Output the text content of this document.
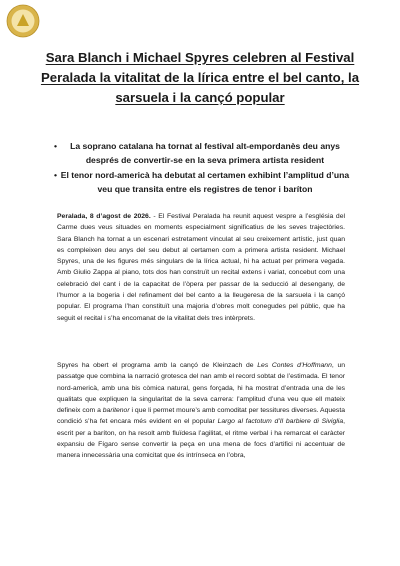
Sara Blanch i Michael Spyres celebren al Festival Peralada la vitalitat de la lírica entre el bel canto, la sarsuela i la cançó popular
• La soprano catalana ha tornat al festival alt-empordanès deu anys després de convertir-se en la seva primera artista resident
• El tenor nord-americà ha debutat al certamen exhibint l’amplitud d’una veu que transita entre els registres de tenor i baríton

Peralada, 8 d’agost de 2026. - El Festival Peralada ha reunit aquest vespre a l’església del Carme dues veus situades en moments especialment significatius de les seves trajectòries. Sara Blanch ha tornat a un escenari estretament vinculat al seu creixement artístic, just quan es compleixen deu anys del seu debut al certamen com a primera artista resident. Michael Spyres, una de les figures més singulars de la lírica actual, hi ha actuat per primera vegada. Amb Giulio Zappa al piano, tots dos han construït un recital extens i variat, concebut com una celebració del cant i de la capacitat de l’òpera per passar de la seducció al desengany, de l’humor a la bogeria i del refinament del bel canto a la lleugeresa de la sarsuela i la cançó popular. El programa l’han constituït una majoria d’obres molt conegudes pel públic, que ha seguit el recital i s’ha encomanat de la vitalitat dels tres intèrprets.

Spyres ha obert el programa amb la cançó de Kleinzach de Les Contes d’Hoffmann, un passatge que combina la narració grotesca del nan amb el record sobtat de l’estimada. El tenor nord-americà, amb una bis còmica natural, gens forçada, hi ha mostrat d’entrada una de les qualitats que expliquen la singularitat de la seva carrera: l’amplitud d’una veu que ell mateix defineix com a baritenor i que li permet moure’s amb comoditat per tessitures diverses. Aquesta condició s’ha fet encara més evident en el popular Largo al factotum d’Il barbiere di Siviglia, escrit per a baríton, on ha resolt amb fluïdesa l’agilitat, el ritme verbal i ha remarcat el caràcter expansiu de Fígaro sense convertir la peça en una mena de focs d’artifici ni accentuar de manera innecessària una comicitat que és intrínseca en l’obra,
